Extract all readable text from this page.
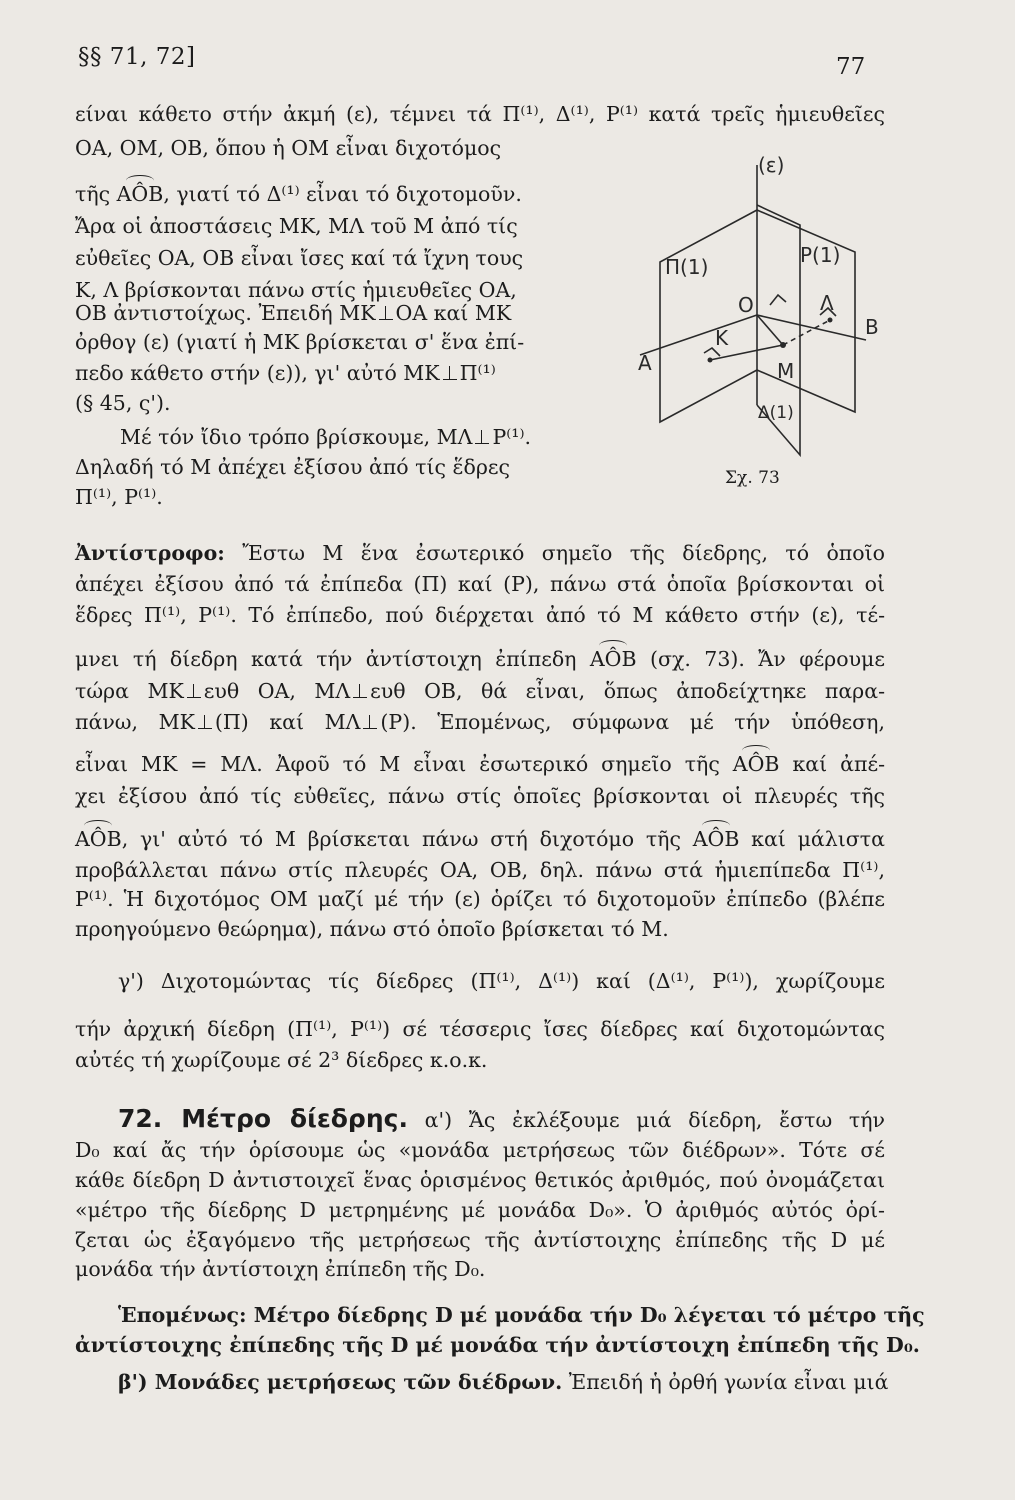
§§ 71, 72]	77
είναι κάθετο στήν ἀκμή (ε), τέμνει τά Π⁽¹⁾, Δ⁽¹⁾, Ρ⁽¹⁾ κατά τρεῖς ἡμιευθεῖες
ΟΑ, ΟΜ, ΟΒ, ὅπου ἡ ΟΜ εἶναι διχοτόμος
τῆς ΑÔΒ, γιατί τό Δ⁽¹⁾ εἶναι τό διχοτομοῦν.
Ἄρα οἱ ἀποστάσεις ΜΚ, ΜΛ τοῦ Μ ἀπό τίς
εὐθεῖες ΟΑ, ΟΒ εἶναι ἴσες καί τά ἴχνη τους
Κ, Λ βρίσκονται πάνω στίς ἡμιευθεῖες ΟΑ,
ΟΒ ἀντιστοίχως. Ἐπειδή ΜΚ ΟΑ καί ΜΚ
ὀρθογ (ε) (γιατί ἡ ΜΚ βρίσκεται σ' ἕνα ἐπί-
πεδο κάθετο στήν (ε)), γι' αὐτό ΜΚ Π⁽¹⁾
(§ 45, ς').
Μέ τόν ἴδιο τρόπο βρίσκουμε, ΜΛ Ρ⁽¹⁾.
Δηλαδή τό Μ ἀπέχει ἐξίσου ἀπό τίς ἕδρες
Π⁽¹⁾, Ρ⁽¹⁾.
(ε)
Π(1)	P(1)
Δ(1)
A
B
K
O	Λ
M
Σχ. 73
Ἀντίστροφο: Ἔστω Μ ἕνα ἐσωτερικό σημεῖο τῆς δίεδρης, τό ὁποῖο
ἀπέχει ἐξίσου ἀπό τά ἐπίπεδα (Π) καί (Ρ), πάνω στά ὁποῖα βρίσκονται οἱ
ἕδρες Π⁽¹⁾, Ρ⁽¹⁾. Τό ἐπίπεδο, πού διέρχεται ἀπό τό Μ κάθετο στήν (ε), τέ-
μνει τή δίεδρη κατά τήν ἀντίστοιχη ἐπίπεδη ΑÔΒ (σχ. 73). Ἄν φέρουμε
τώρα ΜΚ ευθ ΟΑ, ΜΛ ευθ ΟΒ, θά εἶναι, ὅπως ἀποδείχτηκε παρα-
πάνω, ΜΚ (Π) καί ΜΛ (Ρ). Ἑπομένως, σύμφωνα μέ τήν ὑπόθεση,
εἶναι ΜΚ = ΜΛ. Ἀφοῦ τό Μ εἶναι ἐσωτερικό σημεῖο τῆς ΑÔΒ καί ἀπέ-
χει ἐξίσου ἀπό τίς εὐθεῖες, πάνω στίς ὁποῖες βρίσκονται οἱ πλευρές τῆς
ΑÔΒ, γι' αὐτό τό Μ βρίσκεται πάνω στή διχοτόμο τῆς ΑÔΒ καί μάλιστα
προβάλλεται πάνω στίς πλευρές ΟΑ, ΟΒ, δηλ. πάνω στά ἡμιεπίπεδα Π⁽¹⁾,
Ρ⁽¹⁾. Ἡ διχοτόμος ΟΜ μαζί μέ τήν (ε) ὁρίζει τό διχοτομοῦν ἐπίπεδο (βλέπε
προηγούμενο θεώρημα), πάνω στό ὁποῖο βρίσκεται τό Μ.
γ') Διχοτομώντας τίς δίεδρες (Π⁽¹⁾, Δ⁽¹⁾) καί (Δ⁽¹⁾, Ρ⁽¹⁾), χωρίζουμε
τήν ἀρχική δίεδρη (Π⁽¹⁾, Ρ⁽¹⁾) σέ τέσσερις ἴσες δίεδρες καί διχοτομώντας
αὐτές τή χωρίζουμε σέ 2³ δίεδρες κ.ο.κ.
72. Μέτρο δίεδρης. α') Ἄς ἐκλέξουμε μιά δίεδρη, ἔστω τήν
D₀ καί ἄς τήν ὁρίσουμε ὡς «μονάδα μετρήσεως τῶν διέδρων». Τότε σέ
κάθε δίεδρη D ἀντιστοιχεῖ ἕνας ὁρισμένος θετικός ἀριθμός, πού ὀνομάζεται
«μέτρο τῆς δίεδρης D μετρημένης μέ μονάδα D₀». Ὁ ἀριθμός αὐτός ὁρί-
ζεται ὡς ἐξαγόμενο τῆς μετρήσεως τῆς ἀντίστοιχης ἐπίπεδης τῆς D μέ
μονάδα τήν ἀντίστοιχη ἐπίπεδη τῆς D₀.
Ἑπομένως: Μέτρο δίεδρης D μέ μονάδα τήν D₀ λέγεται τό μέτρο τῆς
ἀντίστοιχης ἐπίπεδης τῆς D μέ μονάδα τήν ἀντίστοιχη ἐπίπεδη τῆς D₀.
β') Μονάδες μετρήσεως τῶν διέδρων. Ἐπειδή ἡ ὀρθή γωνία εἶναι μιά
